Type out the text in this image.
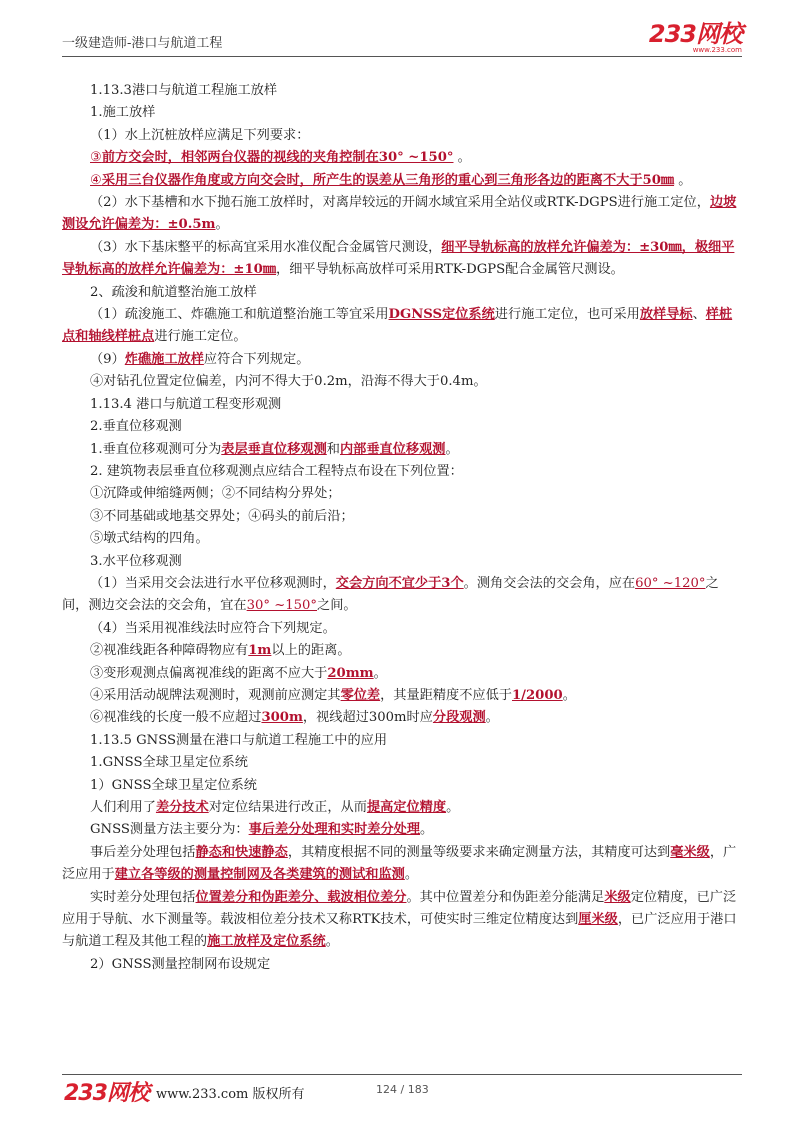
一级建造师-港口与航道工程	233网校
www.233.com

1.13.3港口与航道工程施工放样

1.施工放样

（1）水上沉桩放样应满足下列要求：

③前方交会时，相邻两台仪器的视线的夹角控制在30° ~150° 。

④采用三台仪器作角度或方向交会时，所产生的误差从三角形的重心到三角形各边的距离不大于50㎜ 。

（2）水下基槽和水下抛石施工放样时，对离岸较远的开阔水域宜采用全站仪或RTK-DGPS进行施工定位，边坡测设允许偏差为：±0.5m。

（3）水下基床整平的标高宜采用水准仪配合金属管尺测设，细平导轨标高的放样允许偏差为：±30㎜，极细平导轨标高的放样允许偏差为：±10㎜，细平导轨标高放样可采用RTK-DGPS配合金属管尺测设。

2、疏浚和航道整治施工放样

（1）疏浚施工、炸礁施工和航道整治施工等宜采用DGNSS定位系统进行施工定位，也可采用放样导标、样桩点和轴线样桩点进行施工定位。

（9）炸礁施工放样应符合下列规定。

④对钻孔位置定位偏差，内河不得大于0.2m，沿海不得大于0.4m。

1.13.4 港口与航道工程变形观测

2.垂直位移观测

1.垂直位移观测可分为表层垂直位移观测和内部垂直位移观测。

2. 建筑物表层垂直位移观测点应结合工程特点布设在下列位置：

①沉降或伸缩缝两侧；②不同结构分界处；

③不同基础或地基交界处；④码头的前后沿；

⑤墩式结构的四角。

3.水平位移观测

（1）当采用交会法进行水平位移观测时，交会方向不宜少于3个。测角交会法的交会角，应在60° ~120°之间，测边交会法的交会角，宜在30° ~150°之间。

（4）当采用视准线法时应符合下列规定。

②视准线距各种障碍物应有1m以上的距离。

③变形观测点偏离视准线的距离不应大于20mm。

④采用活动觇牌法观测时，观测前应测定其零位差，其量距精度不应低于1/2000。

⑥视准线的长度一般不应超过300m，视线超过300m时应分段观测。

1.13.5 GNSS测量在港口与航道工程施工中的应用

1.GNSS全球卫星定位系统

1）GNSS全球卫星定位系统

人们利用了差分技术对定位结果进行改正，从而提高定位精度。

GNSS测量方法主要分为：事后差分处理和实时差分处理。

事后差分处理包括静态和快速静态，其精度根据不同的测量等级要求来确定测量方法，其精度可达到毫米级，广泛应用于建立各等级的测量控制网及各类建筑的测试和监测。

实时差分处理包括位置差分和伪距差分、载波相位差分。其中位置差分和伪距差分能满足米级定位精度，已广泛应用于导航、水下测量等。载波相位差分技术又称RTK技术，可使实时三维定位精度达到厘米级，已广泛应用于港口与航道工程及其他工程的施工放样及定位系统。

2）GNSS测量控制网布设规定

233网校 www.233.com 版权所有	124 / 183
